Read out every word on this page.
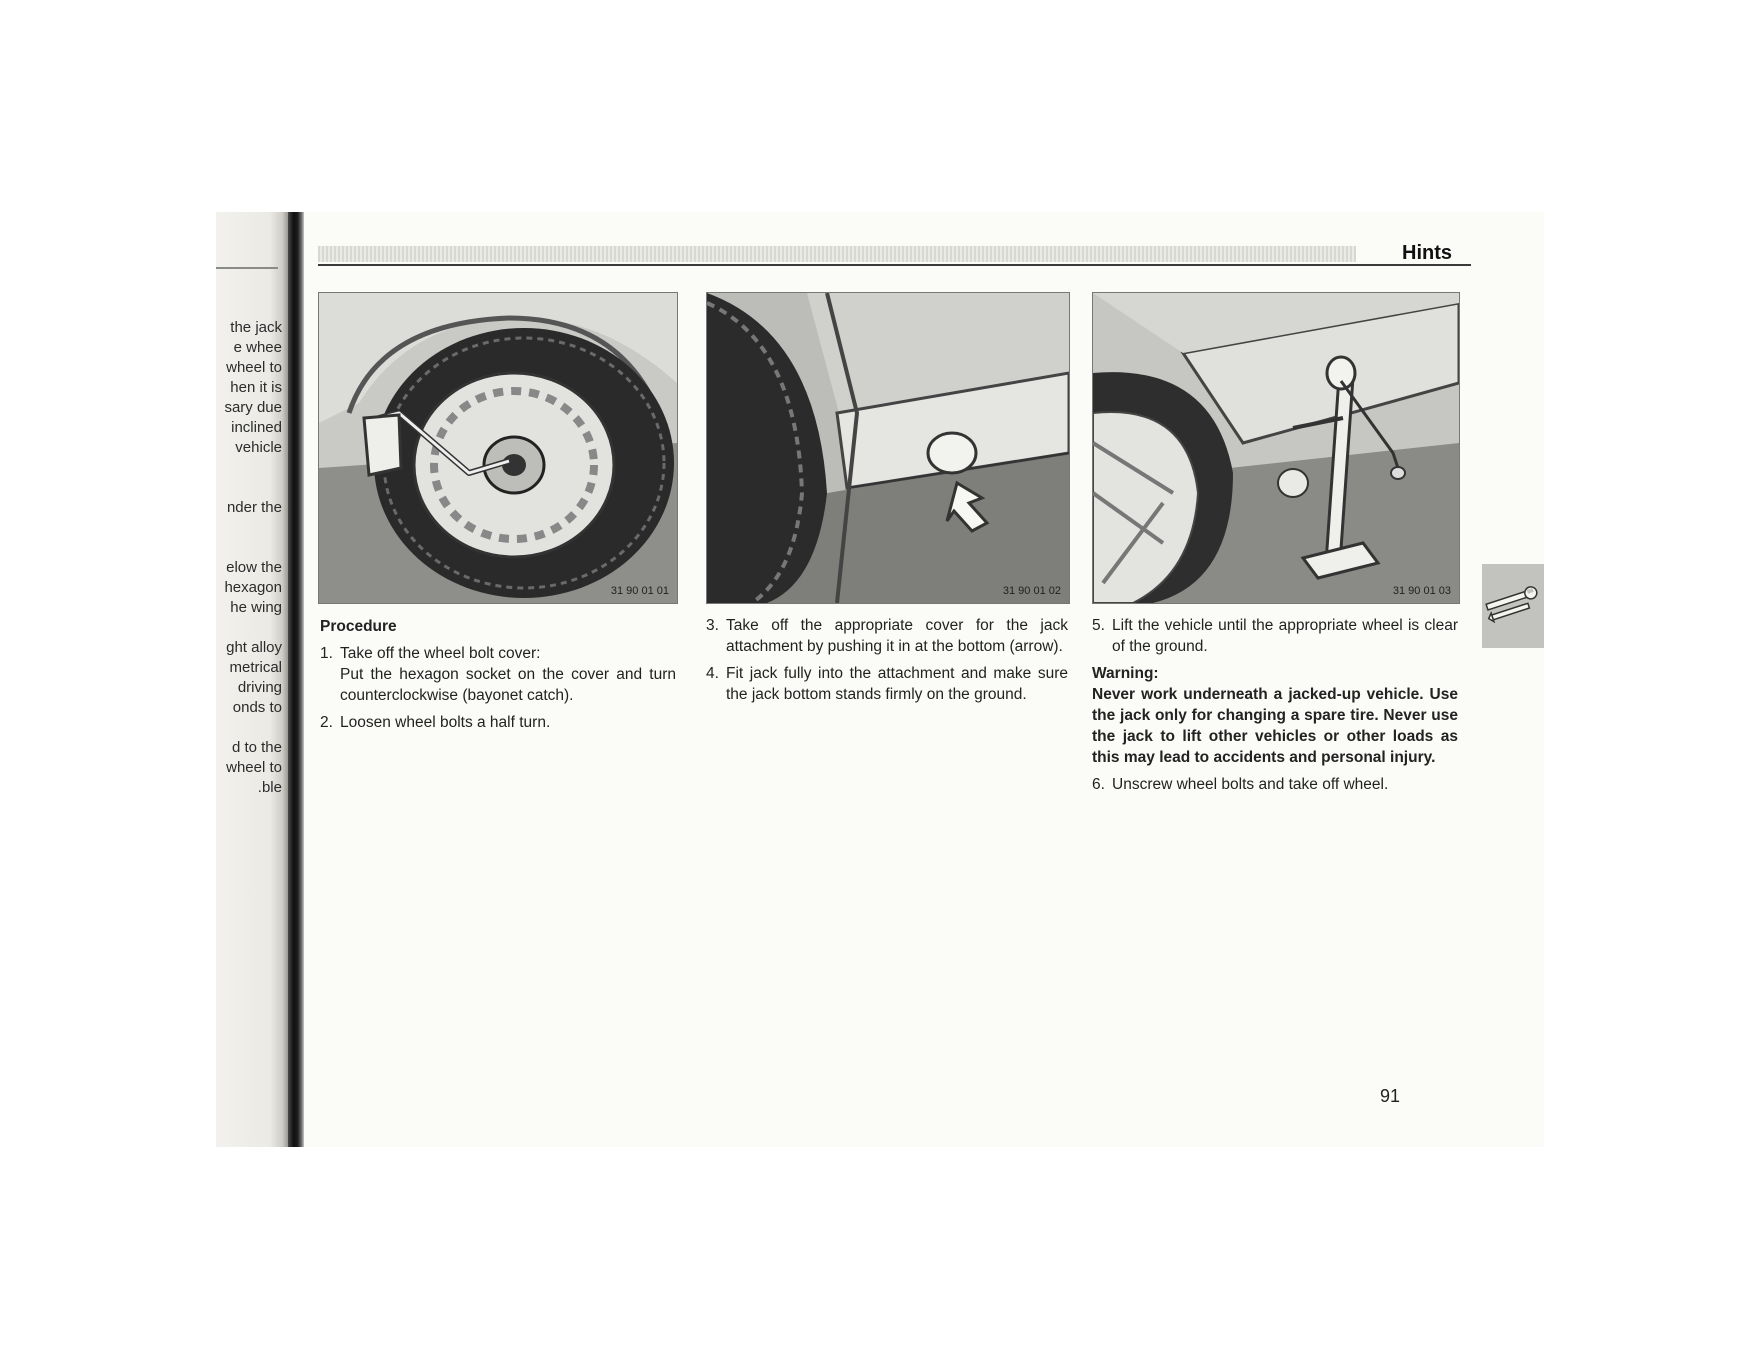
the jack
e whee
wheel to
hen it is
sary due
inclined
vehicle
nder the
elow the
hexagon
he wing
ght alloy
metrical
driving
onds to
d to the
wheel to
ble.
Hints
31 90 01 01	31 90 01 02	31 90 01 03

Procedure

1. Take off the wheel bolt cover:

Put the hexagon socket on the cover and turn counterclockwise (bayonet catch).

2. Loosen wheel bolts a half turn.

3. Take off the appropriate cover for the jack attachment by pushing it in at the bottom (arrow).

4. Fit jack fully into the attachment and make sure the jack bottom stands firmly on the ground.

5. Lift the vehicle until the appropriate wheel is clear of the ground.

Warning:

Never work underneath a jacked-up vehicle. Use the jack only for changing a spare tire. Never use the jack to lift other vehicles or other loads as this may lead to accidents and personal injury.

6. Unscrew wheel bolts and take off wheel.

91
